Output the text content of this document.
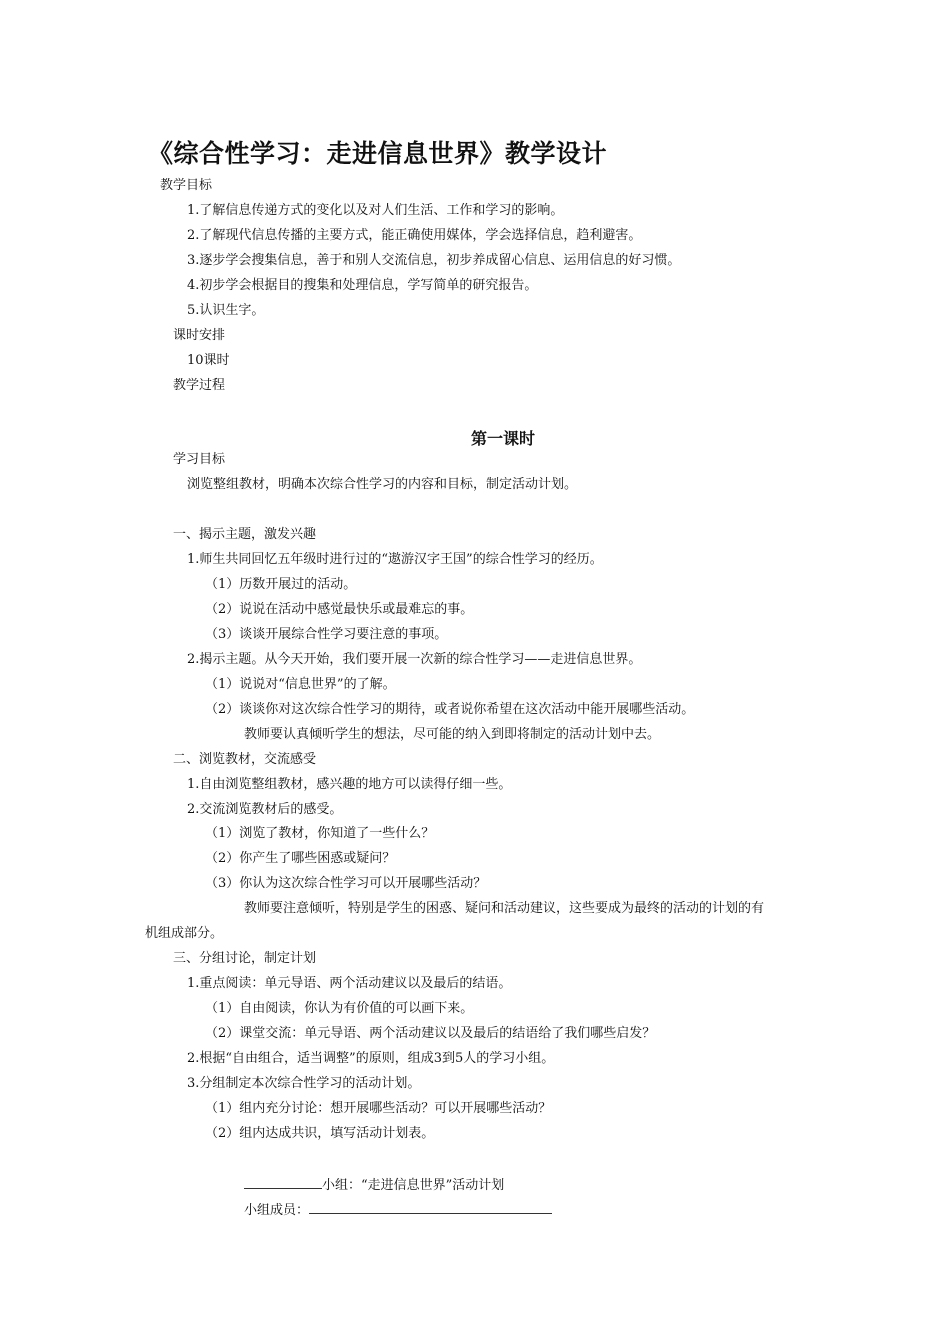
《综合性学习：走进信息世界》教学设计
教学目标
1.了解信息传递方式的变化以及对人们生活、工作和学习的影响。
2.了解现代信息传播的主要方式，能正确使用媒体，学会选择信息，趋利避害。
3.逐步学会搜集信息，善于和别人交流信息，初步养成留心信息、运用信息的好习惯。
4.初步学会根据目的搜集和处理信息，学写简单的研究报告。
5.认识生字。
课时安排
10课时
教学过程
第一课时
学习目标
浏览整组教材，明确本次综合性学习的内容和目标，制定活动计划。
一、揭示主题，激发兴趣
1.师生共同回忆五年级时进行过的“遨游汉字王国”的综合性学习的经历。
（1）历数开展过的活动。
（2）说说在活动中感觉最快乐或最难忘的事。
（3）谈谈开展综合性学习要注意的事项。
2.揭示主题。从今天开始，我们要开展一次新的综合性学习——走进信息世界。
（1）说说对“信息世界”的了解。
（2）谈谈你对这次综合性学习的期待，或者说你希望在这次活动中能开展哪些活动。
教师要认真倾听学生的想法，尽可能的纳入到即将制定的活动计划中去。
二、浏览教材，交流感受
1.自由浏览整组教材，感兴趣的地方可以读得仔细一些。
2.交流浏览教材后的感受。
（1）浏览了教材，你知道了一些什么？
（2）你产生了哪些困惑或疑问？
（3）你认为这次综合性学习可以开展哪些活动？
教师要注意倾听，特别是学生的困惑、疑问和活动建议，这些要成为最终的活动的计划的有
机组成部分。
三、分组讨论，制定计划
1.重点阅读：单元导语、两个活动建议以及最后的结语。
（1）自由阅读，你认为有价值的可以画下来。
（2）课堂交流：单元导语、两个活动建议以及最后的结语给了我们哪些启发？
2.根据“自由组合，适当调整”的原则，组成3到5人的学习小组。
3.分组制定本次综合性学习的活动计划。
（1）组内充分讨论：想开展哪些活动？可以开展哪些活动？
（2）组内达成共识，填写活动计划表。
小组：“走进信息世界”活动计划
小组成员：
